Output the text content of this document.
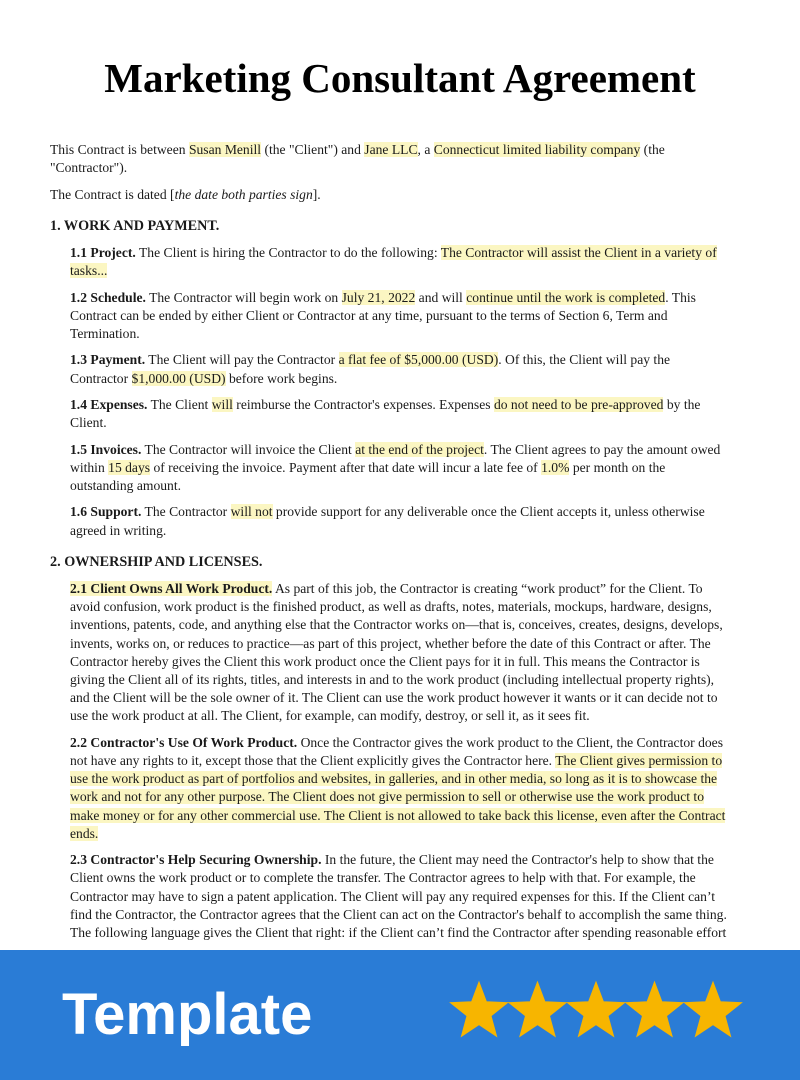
Marketing Consultant Agreement

This Contract is between Susan Menill (the "Client") and Jane LLC, a Connecticut limited liability company (the "Contractor").

The Contract is dated [the date both parties sign].

1. WORK AND PAYMENT.

1.1 Project. The Client is hiring the Contractor to do the following: The Contractor will assist the Client in a variety of tasks...

1.2 Schedule. The Contractor will begin work on July 21, 2022 and will continue until the work is completed. This Contract can be ended by either Client or Contractor at any time, pursuant to the terms of Section 6, Term and Termination.

1.3 Payment. The Client will pay the Contractor a flat fee of $5,000.00 (USD). Of this, the Client will pay the Contractor $1,000.00 (USD) before work begins.

1.4 Expenses. The Client will reimburse the Contractor's expenses. Expenses do not need to be pre-approved by the Client.

1.5 Invoices. The Contractor will invoice the Client at the end of the project. The Client agrees to pay the amount owed within 15 days of receiving the invoice. Payment after that date will incur a late fee of 1.0% per month on the outstanding amount.

1.6 Support. The Contractor will not provide support for any deliverable once the Client accepts it, unless otherwise agreed in writing.

2. OWNERSHIP AND LICENSES.

2.1 Client Owns All Work Product. As part of this job, the Contractor is creating “work product” for the Client. To avoid confusion, work product is the finished product, as well as drafts, notes, materials, mockups, hardware, designs, inventions, patents, code, and anything else that the Contractor works on—that is, conceives, creates, designs, develops, invents, works on, or reduces to practice—as part of this project, whether before the date of this Contract or after. The Contractor hereby gives the Client this work product once the Client pays for it in full. This means the Contractor is giving the Client all of its rights, titles, and interests in and to the work product (including intellectual property rights), and the Client will be the sole owner of it. The Client can use the work product however it wants or it can decide not to use the work product at all. The Client, for example, can modify, destroy, or sell it, as it sees fit.

2.2 Contractor's Use Of Work Product. Once the Contractor gives the work product to the Client, the Contractor does not have any rights to it, except those that the Client explicitly gives the Contractor here. The Client gives permission to use the work product as part of portfolios and websites, in galleries, and in other media, so long as it is to showcase the work and not for any other purpose. The Client does not give permission to sell or otherwise use the work product to make money or for any other commercial use. The Client is not allowed to take back this license, even after the Contract ends.

2.3 Contractor's Help Securing Ownership. In the future, the Client may need the Contractor's help to show that the Client owns the work product or to complete the transfer. The Contractor agrees to help with that. For example, the Contractor may have to sign a patent application. The Client will pay any required expenses for this. If the Client can’t find the Contractor, the Contractor agrees that the Client can act on the Contractor's behalf to accomplish the same thing. The following language gives the Client that right: if the Client can’t find the Contractor after spending reasonable effort

Template
